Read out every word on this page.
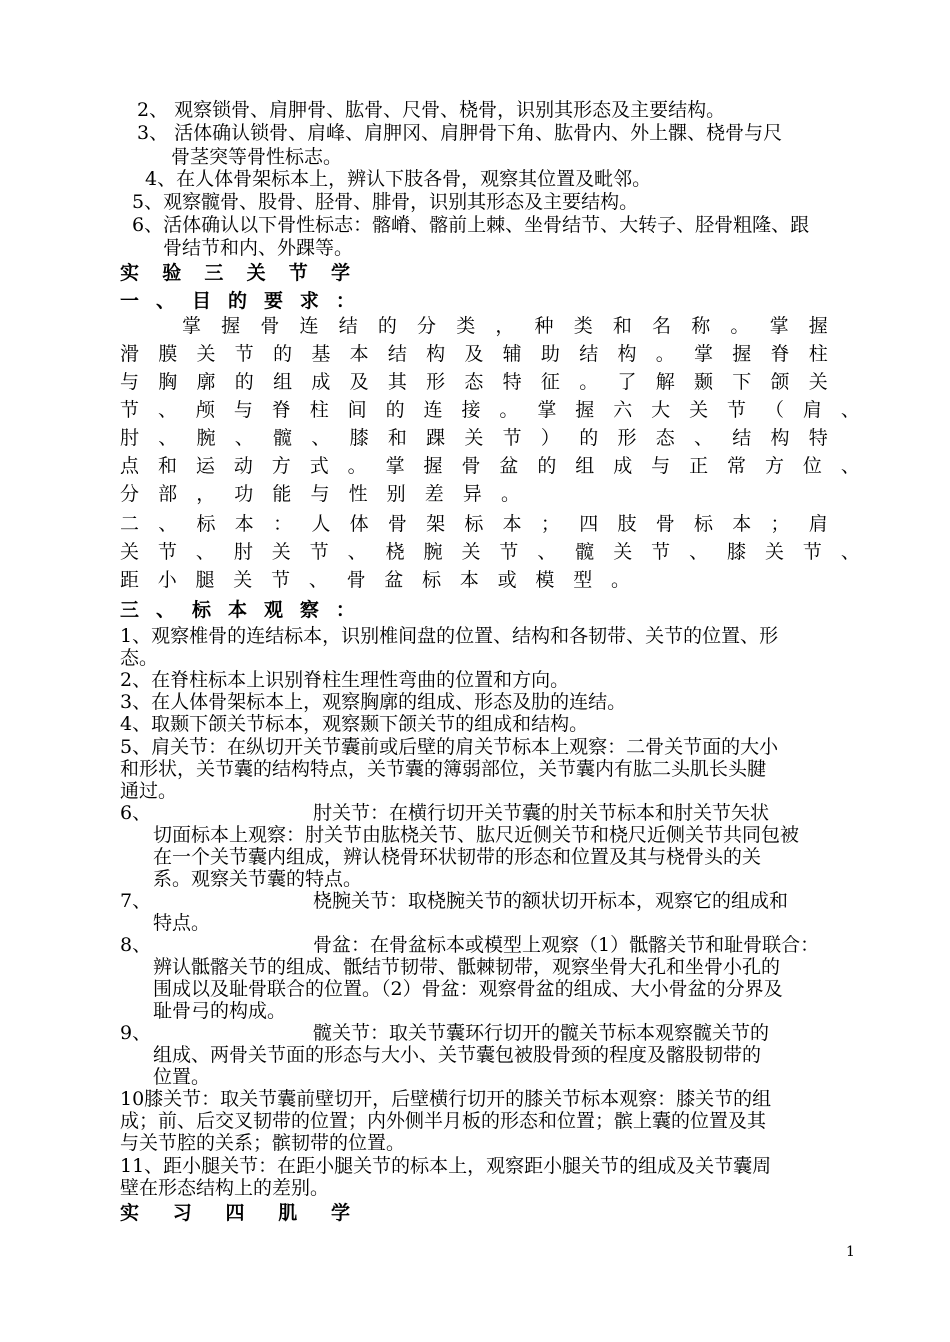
2、 观察锁骨、肩胛骨、肱骨、尺骨、桡骨，识别其形态及主要结构。
3、 活体确认锁骨、肩峰、肩胛冈、肩胛骨下角、肱骨内、外上髁、桡骨与尺
骨茎突等骨性标志。
4、在人体骨架标本上，辨认下肢各骨，观察其位置及毗邻。
5、观察髋骨、股骨、胫骨、腓骨，识别其形态及主要结构。
6、活体确认以下骨性标志：髂嵴、髂前上棘、坐骨结节、大转子、胫骨粗隆、跟
骨结节和内、外踝等。
实 验 三 关 节 学
一 、 目 的 要 求 ：
掌 握 骨 连 结 的 分 类 ， 种 类 和 名 称 。 掌 握
滑 膜 关 节 的 基 本 结 构 及 辅 助 结 构 。 掌 握 脊 柱
与 胸 廓 的 组 成 及 其 形 态 特 征 。 了 解 颞 下 颌 关
节 、 颅 与 脊 柱 间 的 连 接 。 掌 握 六 大 关 节 （ 肩 、
肘 、 腕 、 髋 、 膝 和 踝 关 节 ） 的 形 态 、 结 构 特
点 和 运 动 方 式 。 掌 握 骨 盆 的 组 成 与 正 常 方 位 、
分 部 ， 功 能 与 性 别 差 异 。
二 、 标 本 ： 人 体 骨 架 标 本 ； 四 肢 骨 标 本 ； 肩
关 节 、 肘 关 节 、 桡 腕 关 节 、 髋 关 节 、 膝 关 节 、
距 小 腿 关 节 、 骨 盆 标 本 或 模 型 。
三 、 标 本 观 察 ：
1、观察椎骨的连结标本，识别椎间盘的位置、结构和各韧带、关节的位置、形
态。
2、在脊柱标本上识别脊柱生理性弯曲的位置和方向。
3、在人体骨架标本上，观察胸廓的组成、形态及肋的连结。
4、取颞下颌关节标本，观察颞下颌关节的组成和结构。
5、肩关节：在纵切开关节囊前或后壁的肩关节标本上观察：二骨关节面的大小
和形状，关节囊的结构特点，关节囊的簿弱部位，关节囊内有肱二头肌长头腱
通过。
6、	肘关节：在横行切开关节囊的肘关节标本和肘关节矢状
切面标本上观察：肘关节由肱桡关节、肱尺近侧关节和桡尺近侧关节共同包被
在一个关节囊内组成，辨认桡骨环状韧带的形态和位置及其与桡骨头的关
系。观察关节囊的特点。
7、	桡腕关节：取桡腕关节的额状切开标本，观察它的组成和
特点。
8、	骨盆：在骨盆标本或模型上观察（1）骶髂关节和耻骨联合：
辨认骶髂关节的组成、骶结节韧带、骶棘韧带，观察坐骨大孔和坐骨小孔的
围成以及耻骨联合的位置。（2）骨盆：观察骨盆的组成、大小骨盆的分界及
耻骨弓的构成。
9、	髋关节：取关节囊环行切开的髋关节标本观察髋关节的
组成、两骨关节面的形态与大小、关节囊包被股骨颈的程度及髂股韧带的
位置。
10膝关节：取关节囊前壁切开，后壁横行切开的膝关节标本观察：膝关节的组
成；前、后交叉韧带的位置；内外侧半月板的形态和位置；髌上囊的位置及其
与关节腔的关系；髌韧带的位置。
11、距小腿关节：在距小腿关节的标本上，观察距小腿关节的组成及关节囊周
壁在形态结构上的差别。
实 习 四 肌 学
1
